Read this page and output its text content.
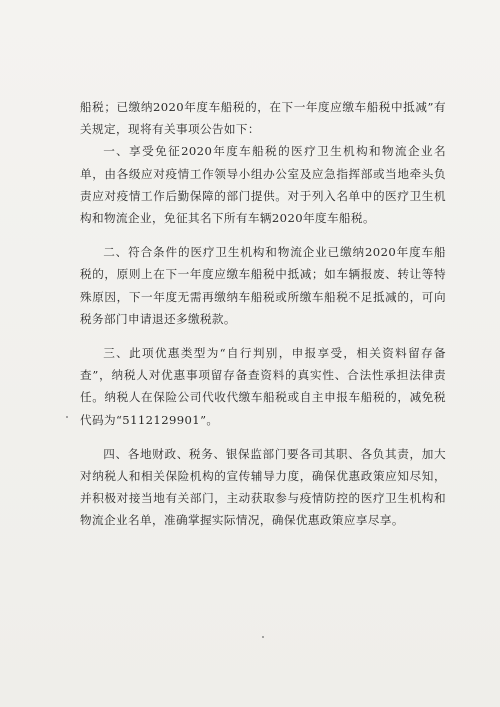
船税；已缴纳2020年度车船税的，在下一年度应缴车船税中抵减”有关规定，现将有关事项公告如下：

一、享受免征2020年度车船税的医疗卫生机构和物流企业名单，由各级应对疫情工作领导小组办公室及应急指挥部或当地牵头负责应对疫情工作后勤保障的部门提供。对于列入名单中的医疗卫生机构和物流企业，免征其名下所有车辆2020年度车船税。

二、符合条件的医疗卫生机构和物流企业已缴纳2020年度车船税的，原则上在下一年度应缴车船税中抵减；如车辆报废、转让等特殊原因，下一年度无需再缴纳车船税或所缴车船税不足抵减的，可向税务部门申请退还多缴税款。

三、此项优惠类型为“自行判别，申报享受，相关资料留存备查”，纳税人对优惠事项留存备查资料的真实性、合法性承担法律责任。纳税人在保险公司代收代缴车船税或自主申报车船税的，减免税代码为“5112129901”。

四、各地财政、税务、银保监部门要各司其职、各负其责，加大对纳税人和相关保险机构的宣传辅导力度，确保优惠政策应知尽知，并积极对接当地有关部门，主动获取参与疫情防控的医疗卫生机构和物流企业名单，准确掌握实际情况，确保优惠政策应享尽享。
